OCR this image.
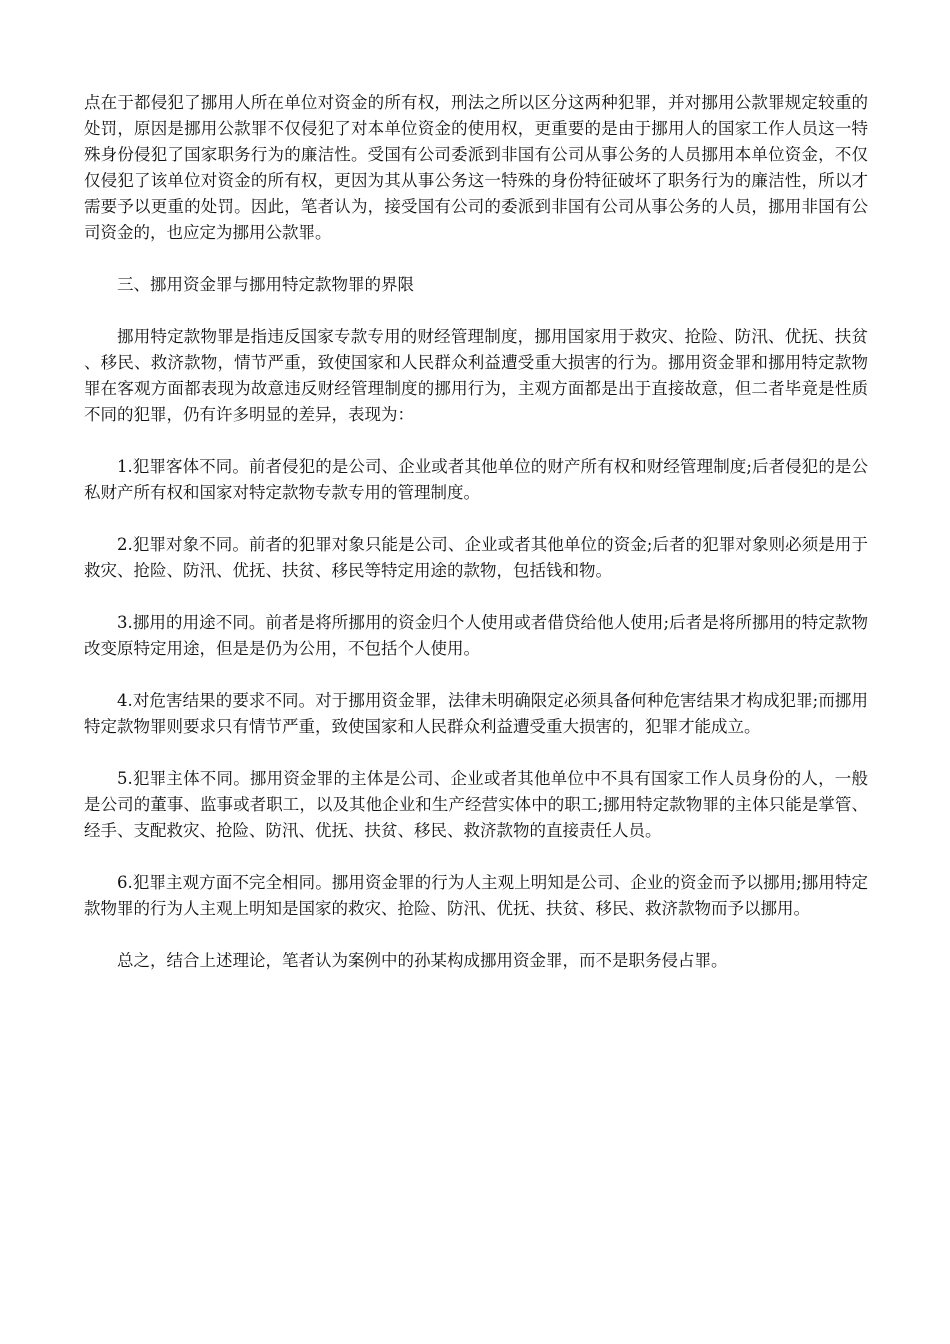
点在于都侵犯了挪用人所在单位对资金的所有权，刑法之所以区分这两种犯罪，并对挪用公款罪规定较重的处罚，原因是挪用公款罪不仅侵犯了对本单位资金的使用权，更重要的是由于挪用人的国家工作人员这一特殊身份侵犯了国家职务行为的廉洁性。受国有公司委派到非国有公司从事公务的人员挪用本单位资金，不仅仅侵犯了该单位对资金的所有权，更因为其从事公务这一特殊的身份特征破坏了职务行为的廉洁性，所以才需要予以更重的处罚。因此，笔者认为，接受国有公司的委派到非国有公司从事公务的人员，挪用非国有公司资金的，也应定为挪用公款罪。

三、挪用资金罪与挪用特定款物罪的界限

挪用特定款物罪是指违反国家专款专用的财经管理制度，挪用国家用于救灾、抢险、防汛、优抚、扶贫、移民、救济款物，情节严重，致使国家和人民群众利益遭受重大损害的行为。挪用资金罪和挪用特定款物罪在客观方面都表现为故意违反财经管理制度的挪用行为，主观方面都是出于直接故意，但二者毕竟是性质不同的犯罪，仍有许多明显的差异，表现为：

1.犯罪客体不同。前者侵犯的是公司、企业或者其他单位的财产所有权和财经管理制度;后者侵犯的是公私财产所有权和国家对特定款物专款专用的管理制度。

2.犯罪对象不同。前者的犯罪对象只能是公司、企业或者其他单位的资金;后者的犯罪对象则必须是用于救灾、抢险、防汛、优抚、扶贫、移民等特定用途的款物，包括钱和物。

3.挪用的用途不同。前者是将所挪用的资金归个人使用或者借贷给他人使用;后者是将所挪用的特定款物改变原特定用途，但是是仍为公用，不包括个人使用。

4.对危害结果的要求不同。对于挪用资金罪，法律未明确限定必须具备何种危害结果才构成犯罪;而挪用特定款物罪则要求只有情节严重，致使国家和人民群众利益遭受重大损害的，犯罪才能成立。

5.犯罪主体不同。挪用资金罪的主体是公司、企业或者其他单位中不具有国家工作人员身份的人，一般是公司的董事、监事或者职工，以及其他企业和生产经营实体中的职工;挪用特定款物罪的主体只能是掌管、经手、支配救灾、抢险、防汛、优抚、扶贫、移民、救济款物的直接责任人员。

6.犯罪主观方面不完全相同。挪用资金罪的行为人主观上明知是公司、企业的资金而予以挪用;挪用特定款物罪的行为人主观上明知是国家的救灾、抢险、防汛、优抚、扶贫、移民、救济款物而予以挪用。

总之，结合上述理论，笔者认为案例中的孙某构成挪用资金罪，而不是职务侵占罪。
